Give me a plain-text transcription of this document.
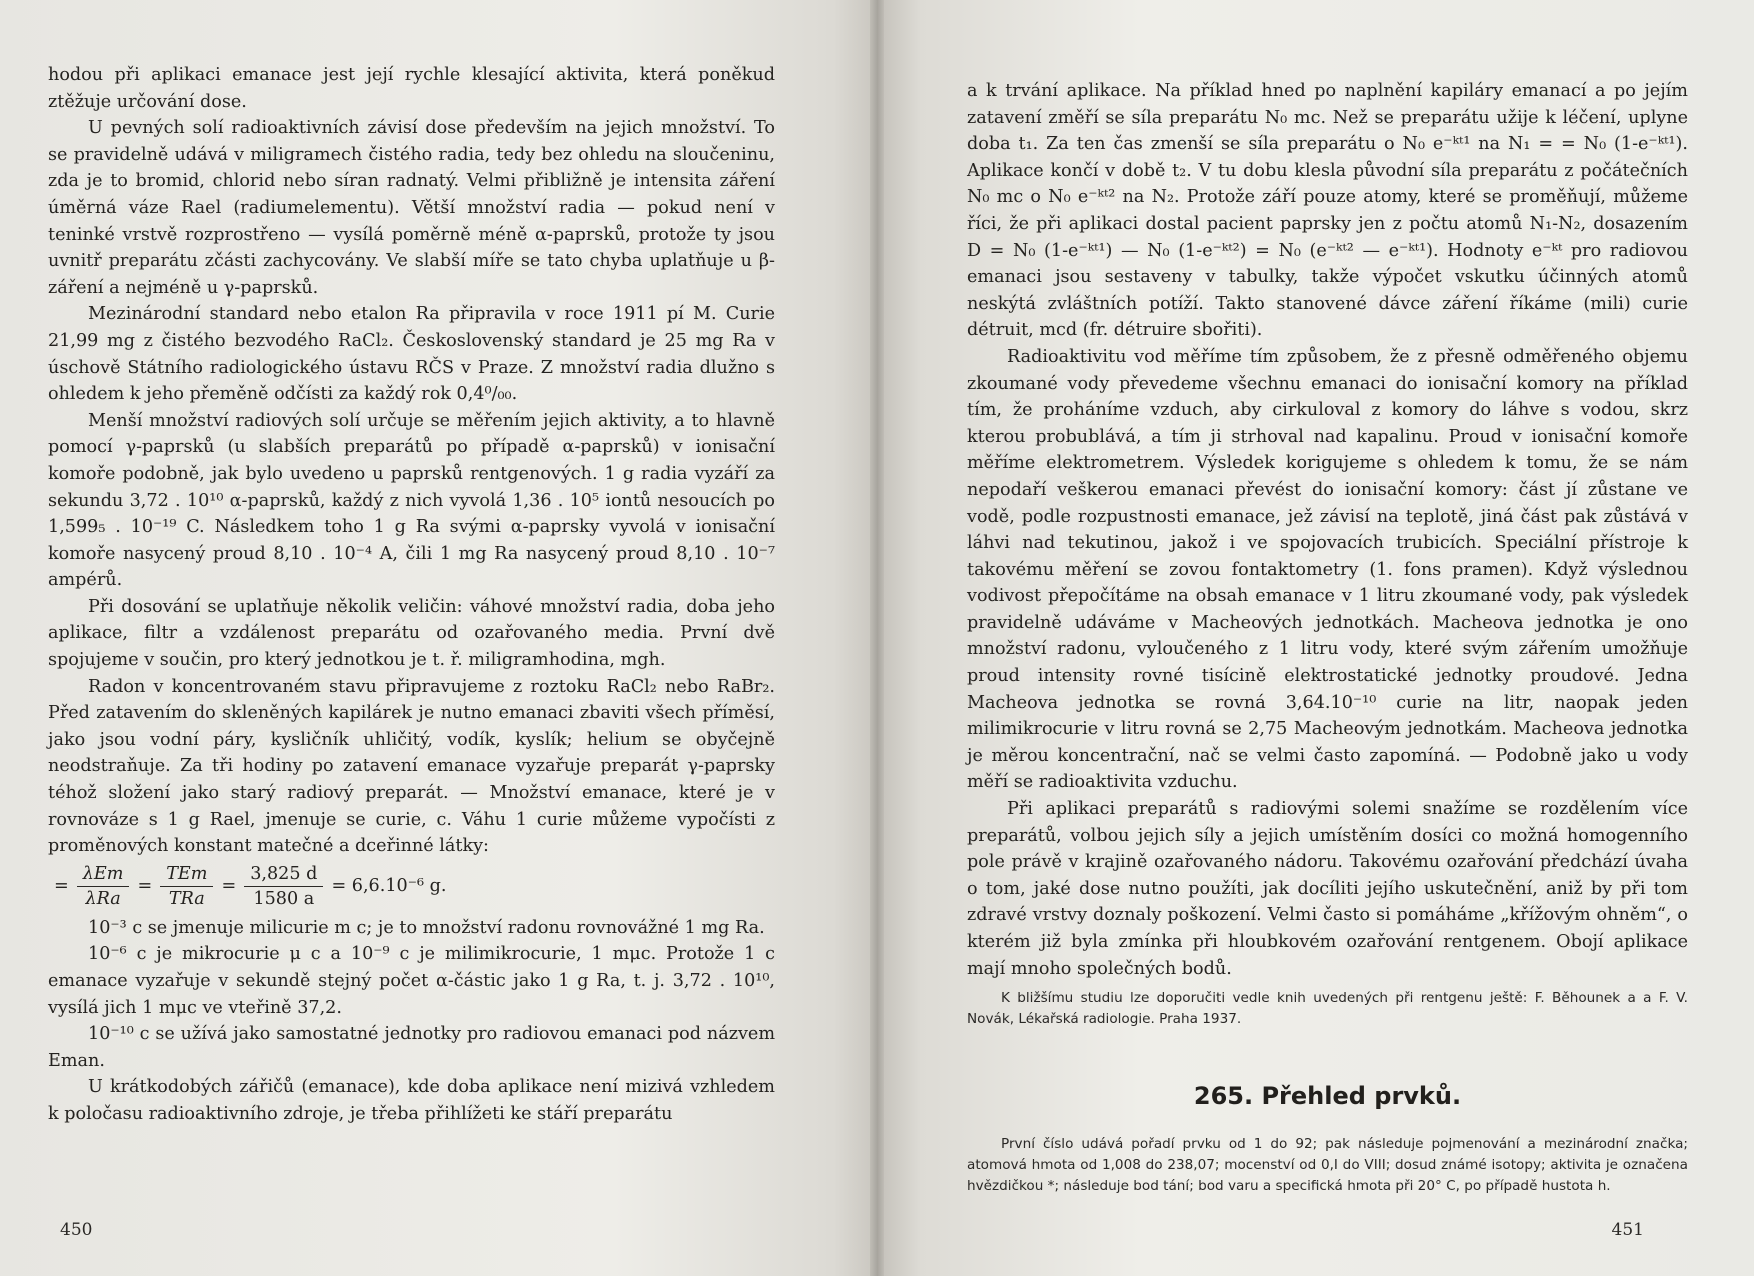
hodou při aplikaci emanace jest její rychle klesající aktivita, která poněkud ztěžuje určování dose.

U pevných solí radioaktivních závisí dose především na jejich množství. To se pravidelně udává v miligramech čistého radia, tedy bez ohledu na sloučeninu, zda je to bromid, chlorid nebo síran radnatý. Velmi přibližně je intensita záření úměrná váze Rael (radiumelementu). Větší množství radia — pokud není v teninké vrstvě rozprostřeno — vysílá poměrně méně α-paprsků, protože ty jsou uvnitř preparátu zčásti zachycovány. Ve slabší míře se tato chyba uplatňuje u β-záření a nejméně u γ-paprsků.

Mezinárodní standard nebo etalon Ra připravila v roce 1911 pí M. Curie 21,99 mg z čistého bezvodého RaCl₂. Československý standard je 25 mg Ra v úschově Státního radiologického ústavu RČS v Praze. Z množství radia dlužno s ohledem k jeho přeměně odčísti za každý rok 0,4⁰/₀₀.

Menší množství radiových solí určuje se měřením jejich aktivity, a to hlavně pomocí γ-paprsků (u slabších preparátů po případě α-paprsků) v ionisační komoře podobně, jak bylo uvedeno u paprsků rentgenových. 1 g radia vyzáří za sekundu 3,72 . 10¹⁰ α-paprsků, každý z nich vyvolá 1,36 . 10⁵ iontů nesoucích po 1,599₅ . 10⁻¹⁹ C. Následkem toho 1 g Ra svými α-paprsky vyvolá v ionisační komoře nasycený proud 8,10 . 10⁻⁴ A, čili 1 mg Ra nasycený proud 8,10 . 10⁻⁷ ampérů.

Při dosování se uplatňuje několik veličin: váhové množství radia, doba jeho aplikace, filtr a vzdálenost preparátu od ozařovaného media. První dvě spojujeme v součin, pro který jednotkou je t. ř. miligramhodina, mgh.

Radon v koncentrovaném stavu připravujeme z roztoku RaCl₂ nebo RaBr₂. Před zatavením do skleněných kapilárek je nutno emanaci zbaviti všech příměsí, jako jsou vodní páry, kysličník uhličitý, vodík, kyslík; helium se obyčejně neodstraňuje. Za tři hodiny po zatavení emanace vyzařuje preparát γ-paprsky téhož složení jako starý radiový preparát. — Množství emanace, které je v rovnováze s 1 g Rael, jmenuje se curie, c. Váhu 1 curie můžeme vypočísti z proměnových konstant matečné a dceřinné látky:

= $\frac{\text{λEm}}{\text{λRa}} = \frac{\text{TEm}}{\text{TRa}} = \frac{3,825 d}{1580 a} = 6,6.10^{-6}$ g.

10⁻³ c se jmenuje milicurie m c; je to množství radonu rovnovážné 1 mg Ra.

10⁻⁶ c je mikrocurie μ c a 10⁻⁹ c je milimikrocurie, 1 mμc. Protože 1 c emanace vyzařuje v sekundě stejný počet α-částic jako 1 g Ra, t. j. 3,72 . 10¹⁰, vysílá jich 1 mμc ve vteřině 37,2.

10⁻¹⁰ c se užívá jako samostatné jednotky pro radiovou emanaci pod názvem Eman.

U krátkodobých zářičů (emanace), kde doba aplikace není mizivá vzhledem k poločasu radioaktivního zdroje, je třeba přihlížeti ke stáří preparátu

450

a k trvání aplikace. Na příklad hned po naplnění kapiláry emanací a po jejím zatavení změří se síla preparátu N₀ mc. Než se preparátu užije k léčení, uplyne doba t₁. Za ten čas zmenší se síla preparátu o N₀ e⁻ᵏᵗ¹ na N₁ = = N₀ (1-e⁻ᵏᵗ¹). Aplikace končí v době t₂. V tu dobu klesla původní síla preparátu z počátečních N₀ mc o N₀ e⁻ᵏᵗ² na N₂. Protože září pouze atomy, které se proměňují, můžeme říci, že při aplikaci dostal pacient paprsky jen z počtu atomů N₁-N₂, dosazením D = N₀ (1-e⁻ᵏᵗ¹) — N₀ (1-e⁻ᵏᵗ²) = N₀ (e⁻ᵏᵗ² — e⁻ᵏᵗ¹). Hodnoty e⁻ᵏᵗ pro radiovou emanaci jsou sestaveny v tabulky, takže výpočet vskutku účinných atomů neskýtá zvláštních potíží. Takto stanovené dávce záření říkáme (mili) curie détruit, mcd (fr. détruire sbořiti).

Radioaktivitu vod měříme tím způsobem, že z přesně odměřeného objemu zkoumané vody převedeme všechnu emanaci do ionisační komory na příklad tím, že proháníme vzduch, aby cirkuloval z komory do láhve s vodou, skrz kterou probublává, a tím ji strhoval nad kapalinu. Proud v ionisační komoře měříme elektrometrem. Výsledek korigujeme s ohledem k tomu, že se nám nepodaří veškerou emanaci převést do ionisační komory: část jí zůstane ve vodě, podle rozpustnosti emanace, jež závisí na teplotě, jiná část pak zůstává v láhvi nad tekutinou, jakož i ve spojovacích trubicích. Speciální přístroje k takovému měření se zovou fontaktometry (1. fons pramen). Když výslednou vodivost přepočítáme na obsah emanace v 1 litru zkoumané vody, pak výsledek pravidelně udáváme v Macheových jednotkách. Macheova jednotka je ono množství radonu, vyloučeného z 1 litru vody, které svým zářením umožňuje proud intensity rovné tisícině elektrostatické jednotky proudové. Jedna Macheova jednotka se rovná 3,64.10⁻¹⁰ curie na litr, naopak jeden milimikrocurie v litru rovná se 2,75 Macheovým jednotkám. Macheova jednotka je měrou koncentrační, nač se velmi často zapomíná. — Podobně jako u vody měří se radioaktivita vzduchu.

Při aplikaci preparátů s radiovými solemi snažíme se rozdělením více preparátů, volbou jejich síly a jejich umístěním dosíci co možná homogenního pole právě v krajině ozařovaného nádoru. Takovému ozařování předchází úvaha o tom, jaké dose nutno použíti, jak docíliti jejího uskutečnění, aniž by při tom zdravé vrstvy doznaly poškození. Velmi často si pomáháme „křížovým ohněm“, o kterém již byla zmínka při hloubkovém ozařování rentgenem. Obojí aplikace mají mnoho společných bodů.

K bližšímu studiu lze doporučiti vedle knih uvedených při rentgenu ještě: F. Běhounek a a F. V. Novák, Lékařská radiologie. Praha 1937.

265. Přehled prvků.

První číslo udává pořadí prvku od 1 do 92; pak následuje pojmenování a mezinárodní značka; atomová hmota od 1,008 do 238,07; mocenství od 0,I do VIII; dosud známé isotopy; aktivita je označena hvězdičkou *; následuje bod tání; bod varu a specifická hmota při 20° C, po případě hustota h.

451
